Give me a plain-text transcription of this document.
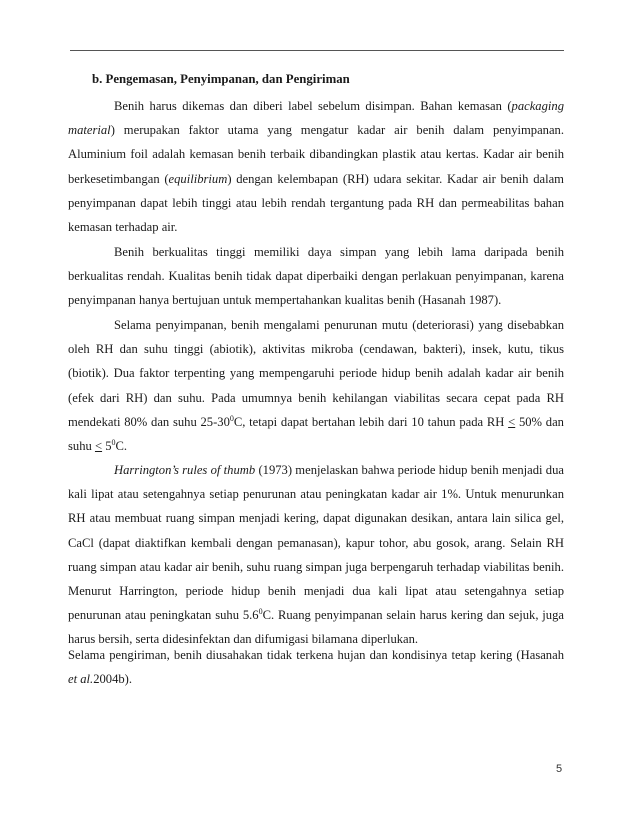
b. Pengemasan, Penyimpanan, dan Pengiriman

Benih harus dikemas dan diberi label sebelum disimpan. Bahan kemasan (packaging material) merupakan faktor utama yang mengatur kadar air benih dalam penyimpanan. Aluminium foil adalah kemasan benih terbaik dibandingkan plastik atau kertas. Kadar air benih berkesetimbangan (equilibrium) dengan kelembapan (RH) udara sekitar. Kadar air benih dalam penyimpanan dapat lebih tinggi atau lebih rendah tergantung pada RH dan permeabilitas bahan kemasan terhadap air.

Benih berkualitas tinggi memiliki daya simpan yang lebih lama daripada benih berkualitas rendah. Kualitas benih tidak dapat diperbaiki dengan perlakuan penyimpanan, karena penyimpanan hanya bertujuan untuk mempertahankan kualitas benih (Hasanah 1987).

Selama penyimpanan, benih mengalami penurunan mutu (deteriorasi) yang disebabkan oleh RH dan suhu tinggi (abiotik), aktivitas mikroba (cendawan, bakteri), insek, kutu, tikus (biotik). Dua faktor terpenting yang mempengaruhi periode hidup benih adalah kadar air benih (efek dari RH) dan suhu. Pada umumnya benih kehilangan viabilitas secara cepat pada RH mendekati 80% dan suhu $25-30^0C$, tetapi dapat bertahan lebih dari 10 tahun pada RH < 50% dan suhu < $5^0C$.

Harrington’s rules of thumb (1973) menjelaskan bahwa periode hidup benih menjadi dua kali lipat atau setengahnya setiap penurunan atau peningkatan kadar air 1%. Untuk menurunkan RH atau membuat ruang simpan menjadi kering, dapat digunakan desikan, antara lain silica gel, CaCl (dapat diaktifkan kembali dengan pemanasan), kapur tohor, abu gosok, arang. Selain RH ruang simpan atau kadar air benih, suhu ruang simpan juga berpengaruh terhadap viabilitas benih. Menurut Harrington, periode hidup benih menjadi dua kali lipat atau setengahnya setiap penurunan atau peningkatan suhu $5.6^0C$. Ruang penyimpanan selain harus kering dan sejuk, juga harus bersih, serta didesinfektan dan difumigasi bilamana diperlukan.

Selama pengiriman, benih diusahakan tidak terkena hujan dan kondisinya tetap kering (Hasanah et al.2004b).

5
